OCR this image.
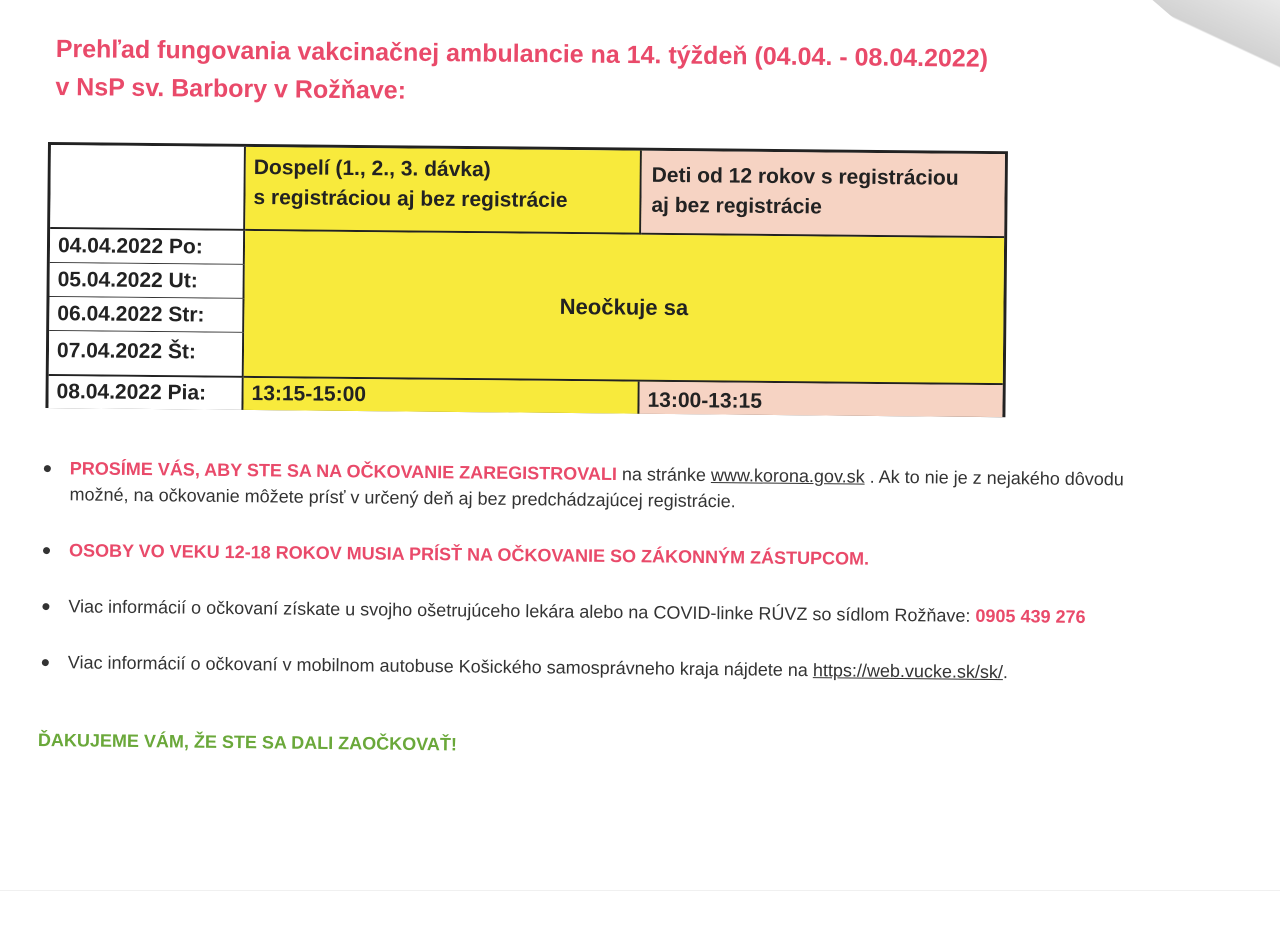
Prehľad fungovania vakcinačnej ambulancie na 14. týždeň (04.04. - 08.04.2022)
v NsP sv. Barbory v Rožňave:
Dospelí (1., 2., 3. dávka)
s registráciou aj bez registrácie
Deti od 12 rokov s registráciou
aj bez registrácie
04.04.2022 Po:
05.04.2022 Ut:
06.04.2022 Str:
07.04.2022 Št:
08.04.2022 Pia:
Neočkuje sa
13:15-15:00	13:00-13:15
PROSÍME VÁS, ABY STE SA NA OČKOVANIE ZAREGISTROVALI na stránke www.korona.gov.sk . Ak to nie je z nejakého dôvodu možné, na očkovanie môžete prísť v určený deň aj bez predchádzajúcej registrácie.
OSOBY VO VEKU 12-18 ROKOV MUSIA PRÍSŤ NA OČKOVANIE SO ZÁKONNÝM ZÁSTUPCOM.
Viac informácií o očkovaní získate u svojho ošetrujúceho lekára alebo na COVID-linke RÚVZ so sídlom Rožňave: 0905 439 276
Viac informácií o očkovaní v mobilnom autobuse Košického samosprávneho kraja nájdete na https://web.vucke.sk/sk/.
ĎAKUJEME VÁM, ŽE STE SA DALI ZAOČKOVAŤ!
